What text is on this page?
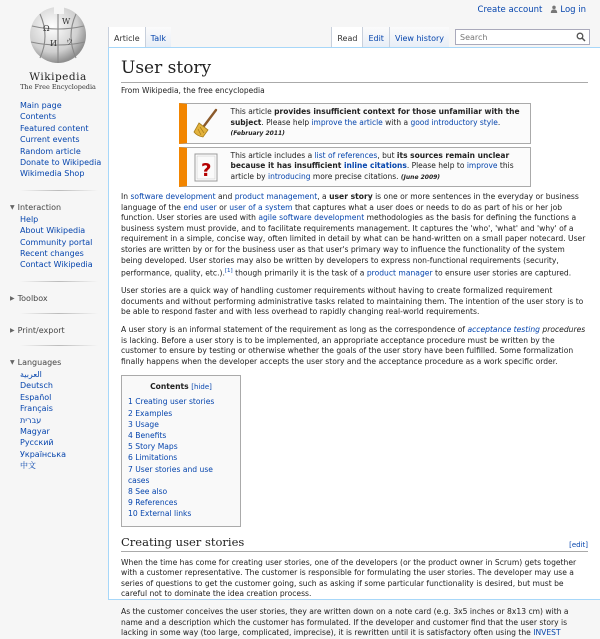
Create account	Log in
Ω
W
И ウ
Wikipedia
The Free Encyclopedia
Article	Talk	Read	Edit	View history	Search
Main page
Contents
Featured content
Current events
Random article
Donate to Wikipedia
Wikimedia Shop
▼ Interaction
Help
About Wikipedia
Community portal
Recent changes
Contact Wikipedia
▶ Toolbox
▶ Print/export
▼ Languages
العربية
Deutsch
Español
Français
עברית
Magyar
Русский
Українська
中文
User story
From Wikipedia, the free encyclopedia
This article provides insufficient context for those unfamiliar with the subject. Please help improve the article with a good introductory style. (February 2011)
?
This article includes a list of references, but its sources remain unclear because it has insufficient inline citations. Please help to improve this article by introducing more precise citations. (June 2009)

In software development and product management, a user story is one or more sentences in the everyday or business language of the end user or user of a system that captures what a user does or needs to do as part of his or her job function. User stories are used with agile software development methodologies as the basis for defining the functions a business system must provide, and to facilitate requirements management. It captures the 'who', 'what' and 'why' of a requirement in a simple, concise way, often limited in detail by what can be hand-written on a small paper notecard. User stories are written by or for the business user as that user's primary way to influence the functionality of the system being developed. User stories may also be written by developers to express non-functional requirements (security, performance, quality, etc.).[1] though primarily it is the task of a product manager to ensure user stories are captured.

User stories are a quick way of handling customer requirements without having to create formalized requirement documents and without performing administrative tasks related to maintaining them. The intention of the user story is to be able to respond faster and with less overhead to rapidly changing real-world requirements.

A user story is an informal statement of the requirement as long as the correspondence of acceptance testing procedures is lacking. Before a user story is to be implemented, an appropriate acceptance procedure must be written by the customer to ensure by testing or otherwise whether the goals of the user story have been fulfilled. Some formalization finally happens when the developer accepts the user story and the acceptance procedure as a work specific order.

Contents [hide]
1 Creating user stories
2 Examples
3 Usage
4 Benefits
5 Story Maps
6 Limitations
7 User stories and use cases
8 See also
9 References
10 External links
Creating user stories	[edit]

When the time has come for creating user stories, one of the developers (or the product owner in Scrum) gets together with a customer representative. The customer is responsible for formulating the user stories. The developer may use a series of questions to get the customer going, such as asking if some particular functionality is desired, but must be careful not to dominate the idea creation process.

As the customer conceives the user stories, they are written down on a note card (e.g. 3x5 inches or 8x13 cm) with a name and a description which the customer has formulated. If the developer and customer find that the user story is lacking in some way (too large, complicated, imprecise), it is rewritten until it is satisfactory often using the INVEST
